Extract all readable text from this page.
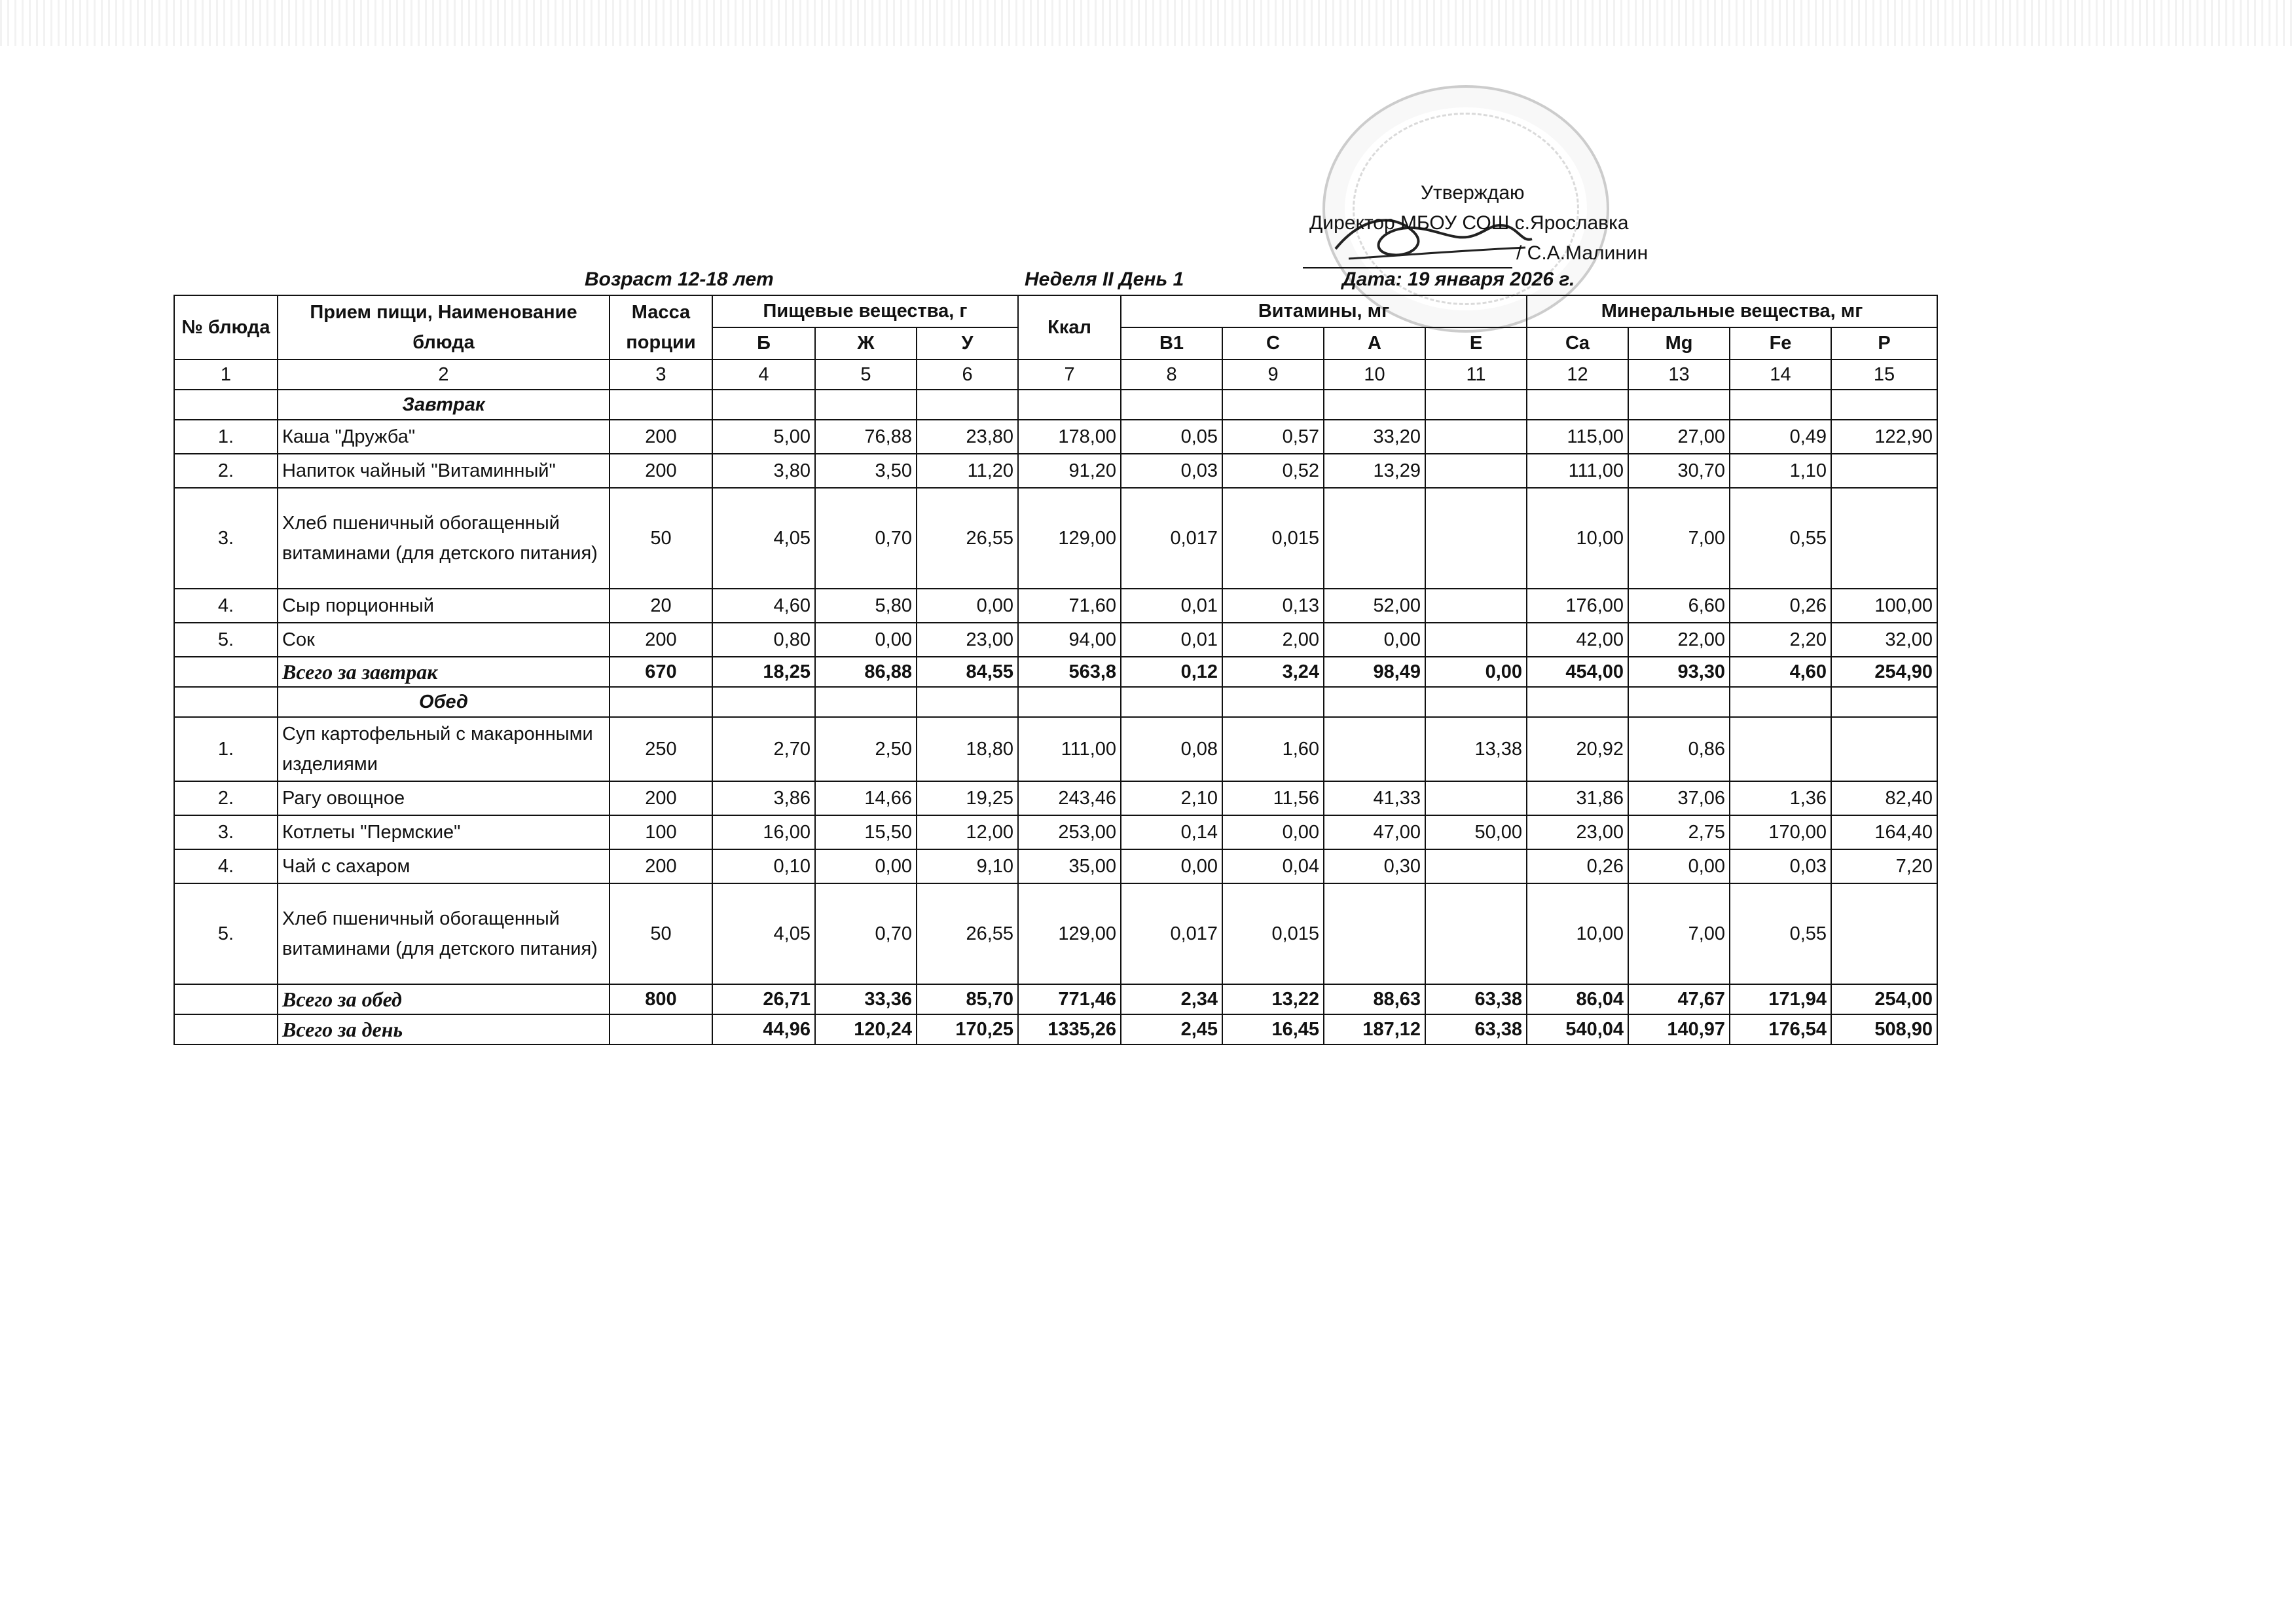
Утверждаю
Директор МБОУ СОШ с.Ярославка
/ С.А.Малинин
Возраст 12-18 лет	Неделя II День 1	Дата: 19 января 2026 г.
№ блюда	Прием пищи, Наименование блюда	Масса порции	Пищевые вещества, г			Ккал	Витамины, мг				Минеральные вещества, мг			
			Б	Ж	У		В1	С	А	Е	Ca	Mg	Fe	P
1	2	3	4	5	6	7	8	9	10	11	12	13	14	15
	Завтрак													
1.	Каша "Дружба"	200	5,00	76,88	23,80	178,00	0,05	0,57	33,20		115,00	27,00	0,49	122,90
2.	Напиток чайный "Витаминный"	200	3,80	3,50	11,20	91,20	0,03	0,52	13,29		111,00	30,70	1,10	
3.	Хлеб пшеничный обогащенный витаминами (для детского питания)	50	4,05	0,70	26,55	129,00	0,017	0,015			10,00	7,00	0,55	
4.	Сыр порционный	20	4,60	5,80	0,00	71,60	0,01	0,13	52,00		176,00	6,60	0,26	100,00
5.	Сок	200	0,80	0,00	23,00	94,00	0,01	2,00	0,00		42,00	22,00	2,20	32,00
	Всего за завтрак	670	18,25	86,88	84,55	563,8	0,12	3,24	98,49	0,00	454,00	93,30	4,60	254,90
	Обед													
1.	Суп картофельный с макаронными изделиями	250	2,70	2,50	18,80	111,00	0,08	1,60		13,38	20,92	0,86		
2.	Рагу овощное	200	3,86	14,66	19,25	243,46	2,10	11,56	41,33		31,86	37,06	1,36	82,40
3.	Котлеты "Пермские"	100	16,00	15,50	12,00	253,00	0,14	0,00	47,00	50,00	23,00	2,75	170,00	164,40
4.	Чай с сахаром	200	0,10	0,00	9,10	35,00	0,00	0,04	0,30		0,26	0,00	0,03	7,20
5.	Хлеб пшеничный обогащенный витаминами (для детского питания)	50	4,05	0,70	26,55	129,00	0,017	0,015			10,00	7,00	0,55	
	Всего за обед	800	26,71	33,36	85,70	771,46	2,34	13,22	88,63	63,38	86,04	47,67	171,94	254,00
	Всего за день		44,96	120,24	170,25	1335,26	2,45	16,45	187,12	63,38	540,04	140,97	176,54	508,90
